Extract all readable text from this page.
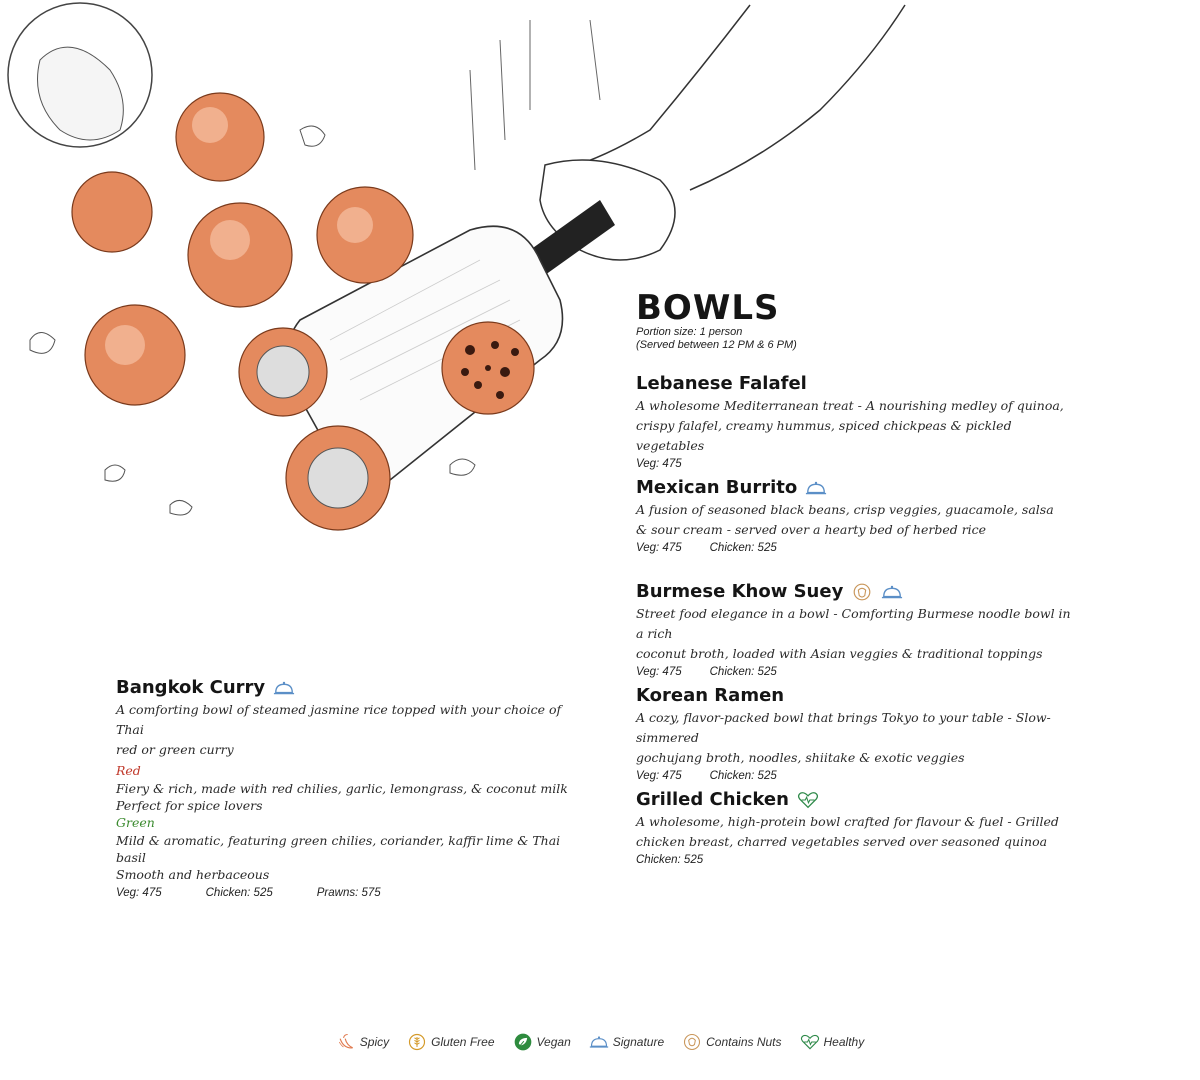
BOWLS
Portion size: 1 person
(Served between 12 PM & 6 PM)
Lebanese Falafel
A wholesome Mediterranean treat - A nourishing medley of quinoa,
crispy falafel, creamy hummus, spiced chickpeas & pickled vegetables
Veg: 475
Mexican Burrito
A fusion of seasoned black beans, crisp veggies, guacamole, salsa
& sour cream - served over a hearty bed of herbed rice
Veg: 475 Chicken: 525
Burmese Khow Suey
Street food elegance in a bowl - Comforting Burmese noodle bowl in a rich
coconut broth, loaded with Asian veggies & traditional toppings
Veg: 475 Chicken: 525
Korean Ramen
A cozy, flavor-packed bowl that brings Tokyo to your table - Slow-simmered
gochujang broth, noodles, shiitake & exotic veggies
Veg: 475 Chicken: 525
Grilled Chicken
A wholesome, high-protein bowl crafted for flavour & fuel - Grilled
chicken breast, charred vegetables served over seasoned quinoa
Chicken: 525
Bangkok Curry
A comforting bowl of steamed jasmine rice topped with your choice of Thai
red or green curry
Red
Fiery & rich, made with red chilies, garlic, lemongrass, & coconut milk
Perfect for spice lovers
Green
Mild & aromatic, featuring green chilies, coriander, kaffir lime & Thai basil
Smooth and herbaceous
Veg: 475	Chicken: 525	Prawns: 575
Spicy	Gluten Free	Vegan	Signature	Contains Nuts	Healthy
